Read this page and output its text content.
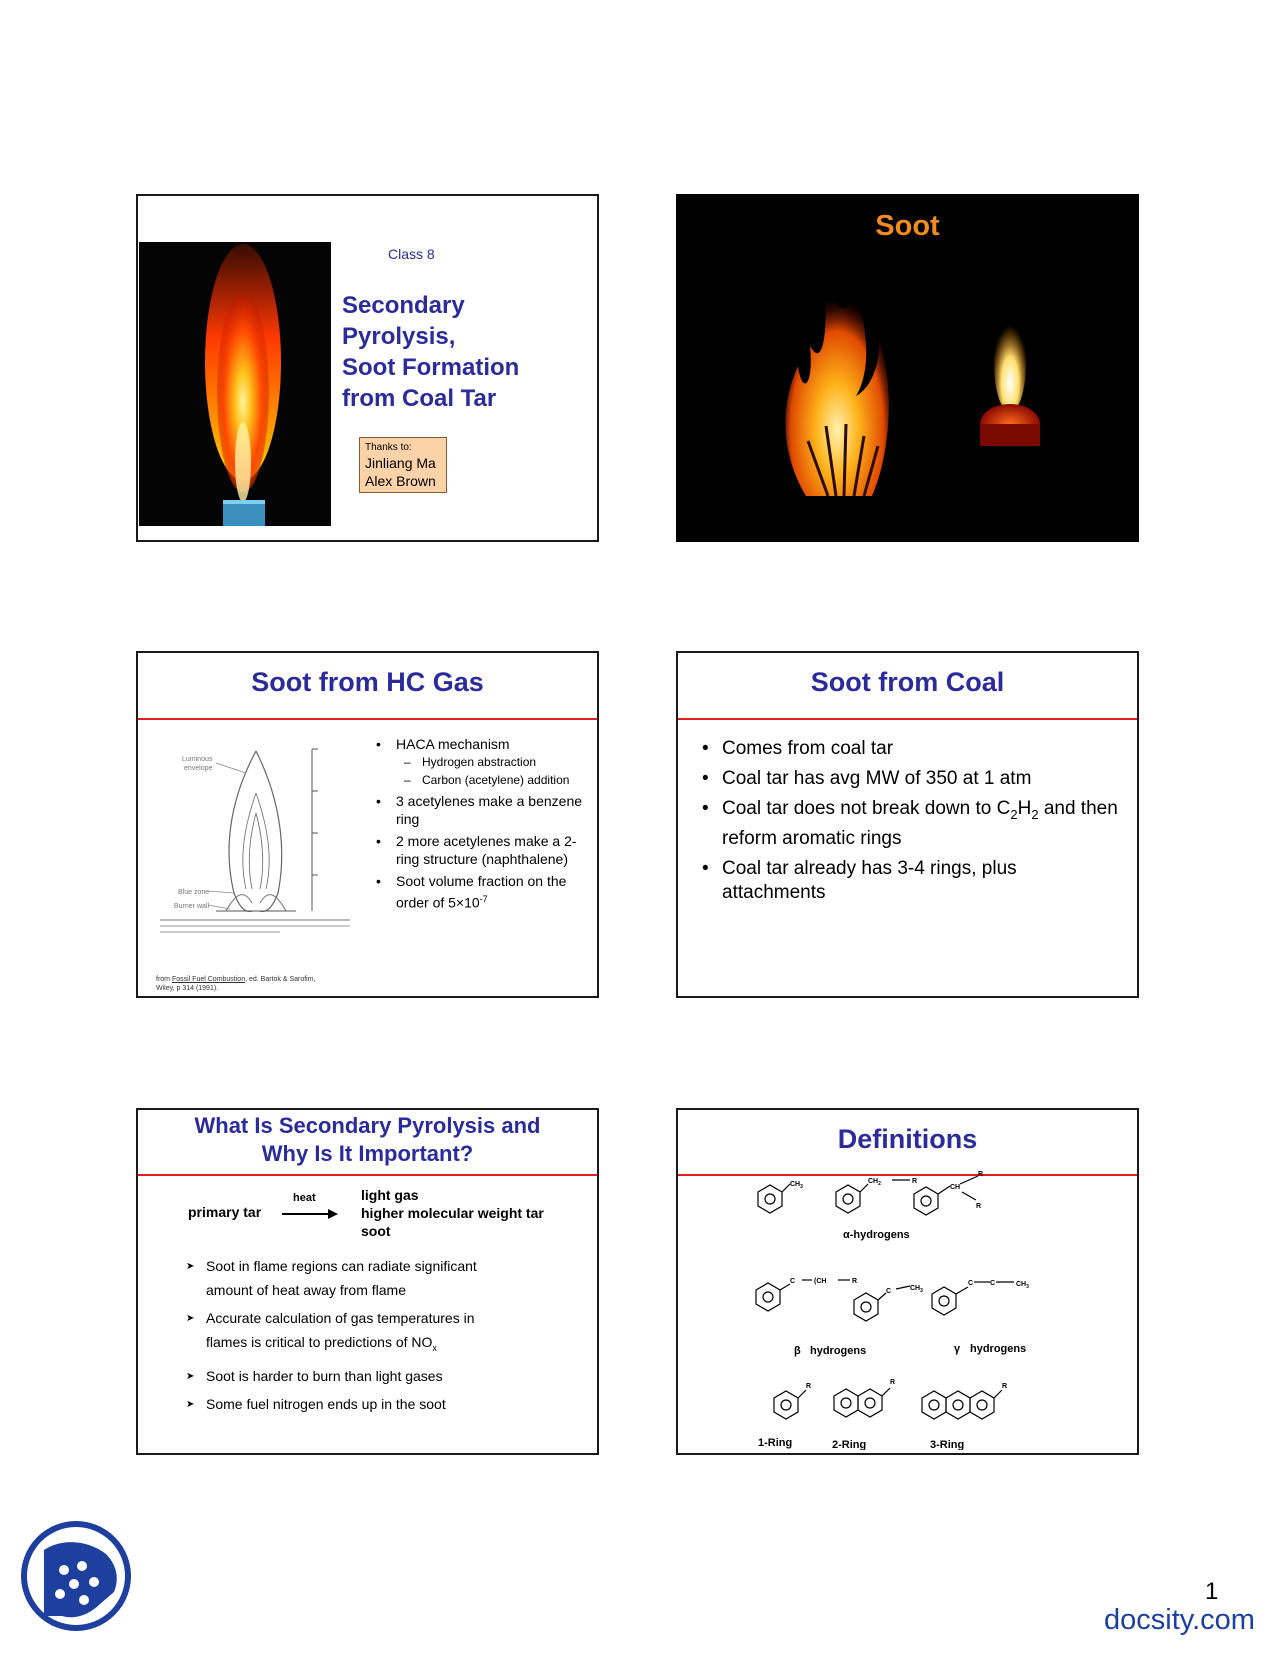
Class 8
Secondary
Pyrolysis,
Soot Formation
from Coal Tar
Thanks to:
Jinliang Ma
Alex Brown
Soot
Soot from HC Gas
Luminous
envelope
Blue zone
Burner wall
from Fossil Fuel Combustion, ed. Bartok & Sarofim,
Wiley, p 314 (1991).
• HACA mechanism
– Hydrogen abstraction
– Carbon (acetylene) addition
• 3 acetylenes make a benzene ring
• 2 more acetylenes make a 2-ring structure (naphthalene)
• Soot volume fraction on the order of $5\times 10^{-7}$
Soot from Coal
• Comes from coal tar
• Coal tar has avg MW of 350 at 1 atm
• Coal tar does not break down to $C_2H_2$ and then reform aromatic rings
• Coal tar already has 3-4 rings, plus attachments
What Is Secondary Pyrolysis and
Why Is It Important?
primary tar
heat	light gas
higher molecular weight tar
soot
➤ Soot in flame regions can radiate significant amount of heat away from flame
➤ Accurate calculation of gas temperatures in flames is critical to predictions of $NO_x$
➤ Soot is harder to burn than light gases
➤ Some fuel nitrogen ends up in the soot
Definitions
$CH_3$
$CH_2$	R
CH
R
R
C	(CH	R
C	$CH_3$
C C	$CH_3$
R
R
R
α-hydrogens
β hydrogens	γ hydrogens
1-Ring	2-Ring	3-Ring
1
docsity.com
